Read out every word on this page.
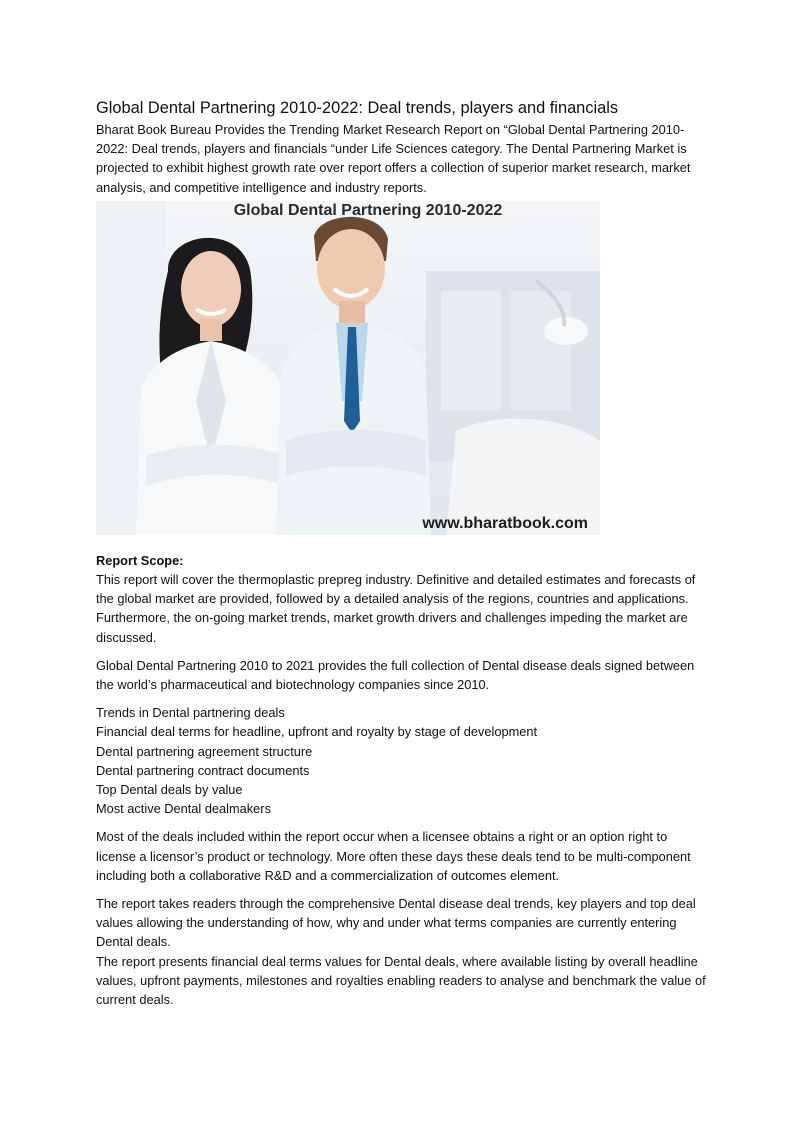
Global Dental Partnering 2010-2022: Deal trends, players and financials

Bharat Book Bureau Provides the Trending Market Research Report on “Global Dental Partnering 2010-2022: Deal trends, players and financials “under Life Sciences category. The Dental Partnering Market is projected to exhibit highest growth rate over report offers a collection of superior market research, market analysis, and competitive intelligence and industry reports.

Global Dental Partnering 2010-2022
www.bharatbook.com

Report Scope:

This report will cover the thermoplastic prepreg industry. Definitive and detailed estimates and forecasts of the global market are provided, followed by a detailed analysis of the regions, countries and applications. Furthermore, the on-going market trends, market growth drivers and challenges impeding the market are discussed.

Global Dental Partnering 2010 to 2021 provides the full collection of Dental disease deals signed between the world’s pharmaceutical and biotechnology companies since 2010.

Trends in Dental partnering deals
Financial deal terms for headline, upfront and royalty by stage of development
Dental partnering agreement structure
Dental partnering contract documents
Top Dental deals by value
Most active Dental dealmakers

Most of the deals included within the report occur when a licensee obtains a right or an option right to license a licensor’s product or technology. More often these days these deals tend to be multi-component including both a collaborative R&D and a commercialization of outcomes element.

The report takes readers through the comprehensive Dental disease deal trends, key players and top deal values allowing the understanding of how, why and under what terms companies are currently entering Dental deals.

The report presents financial deal terms values for Dental deals, where available listing by overall headline values, upfront payments, milestones and royalties enabling readers to analyse and benchmark the value of current deals.
